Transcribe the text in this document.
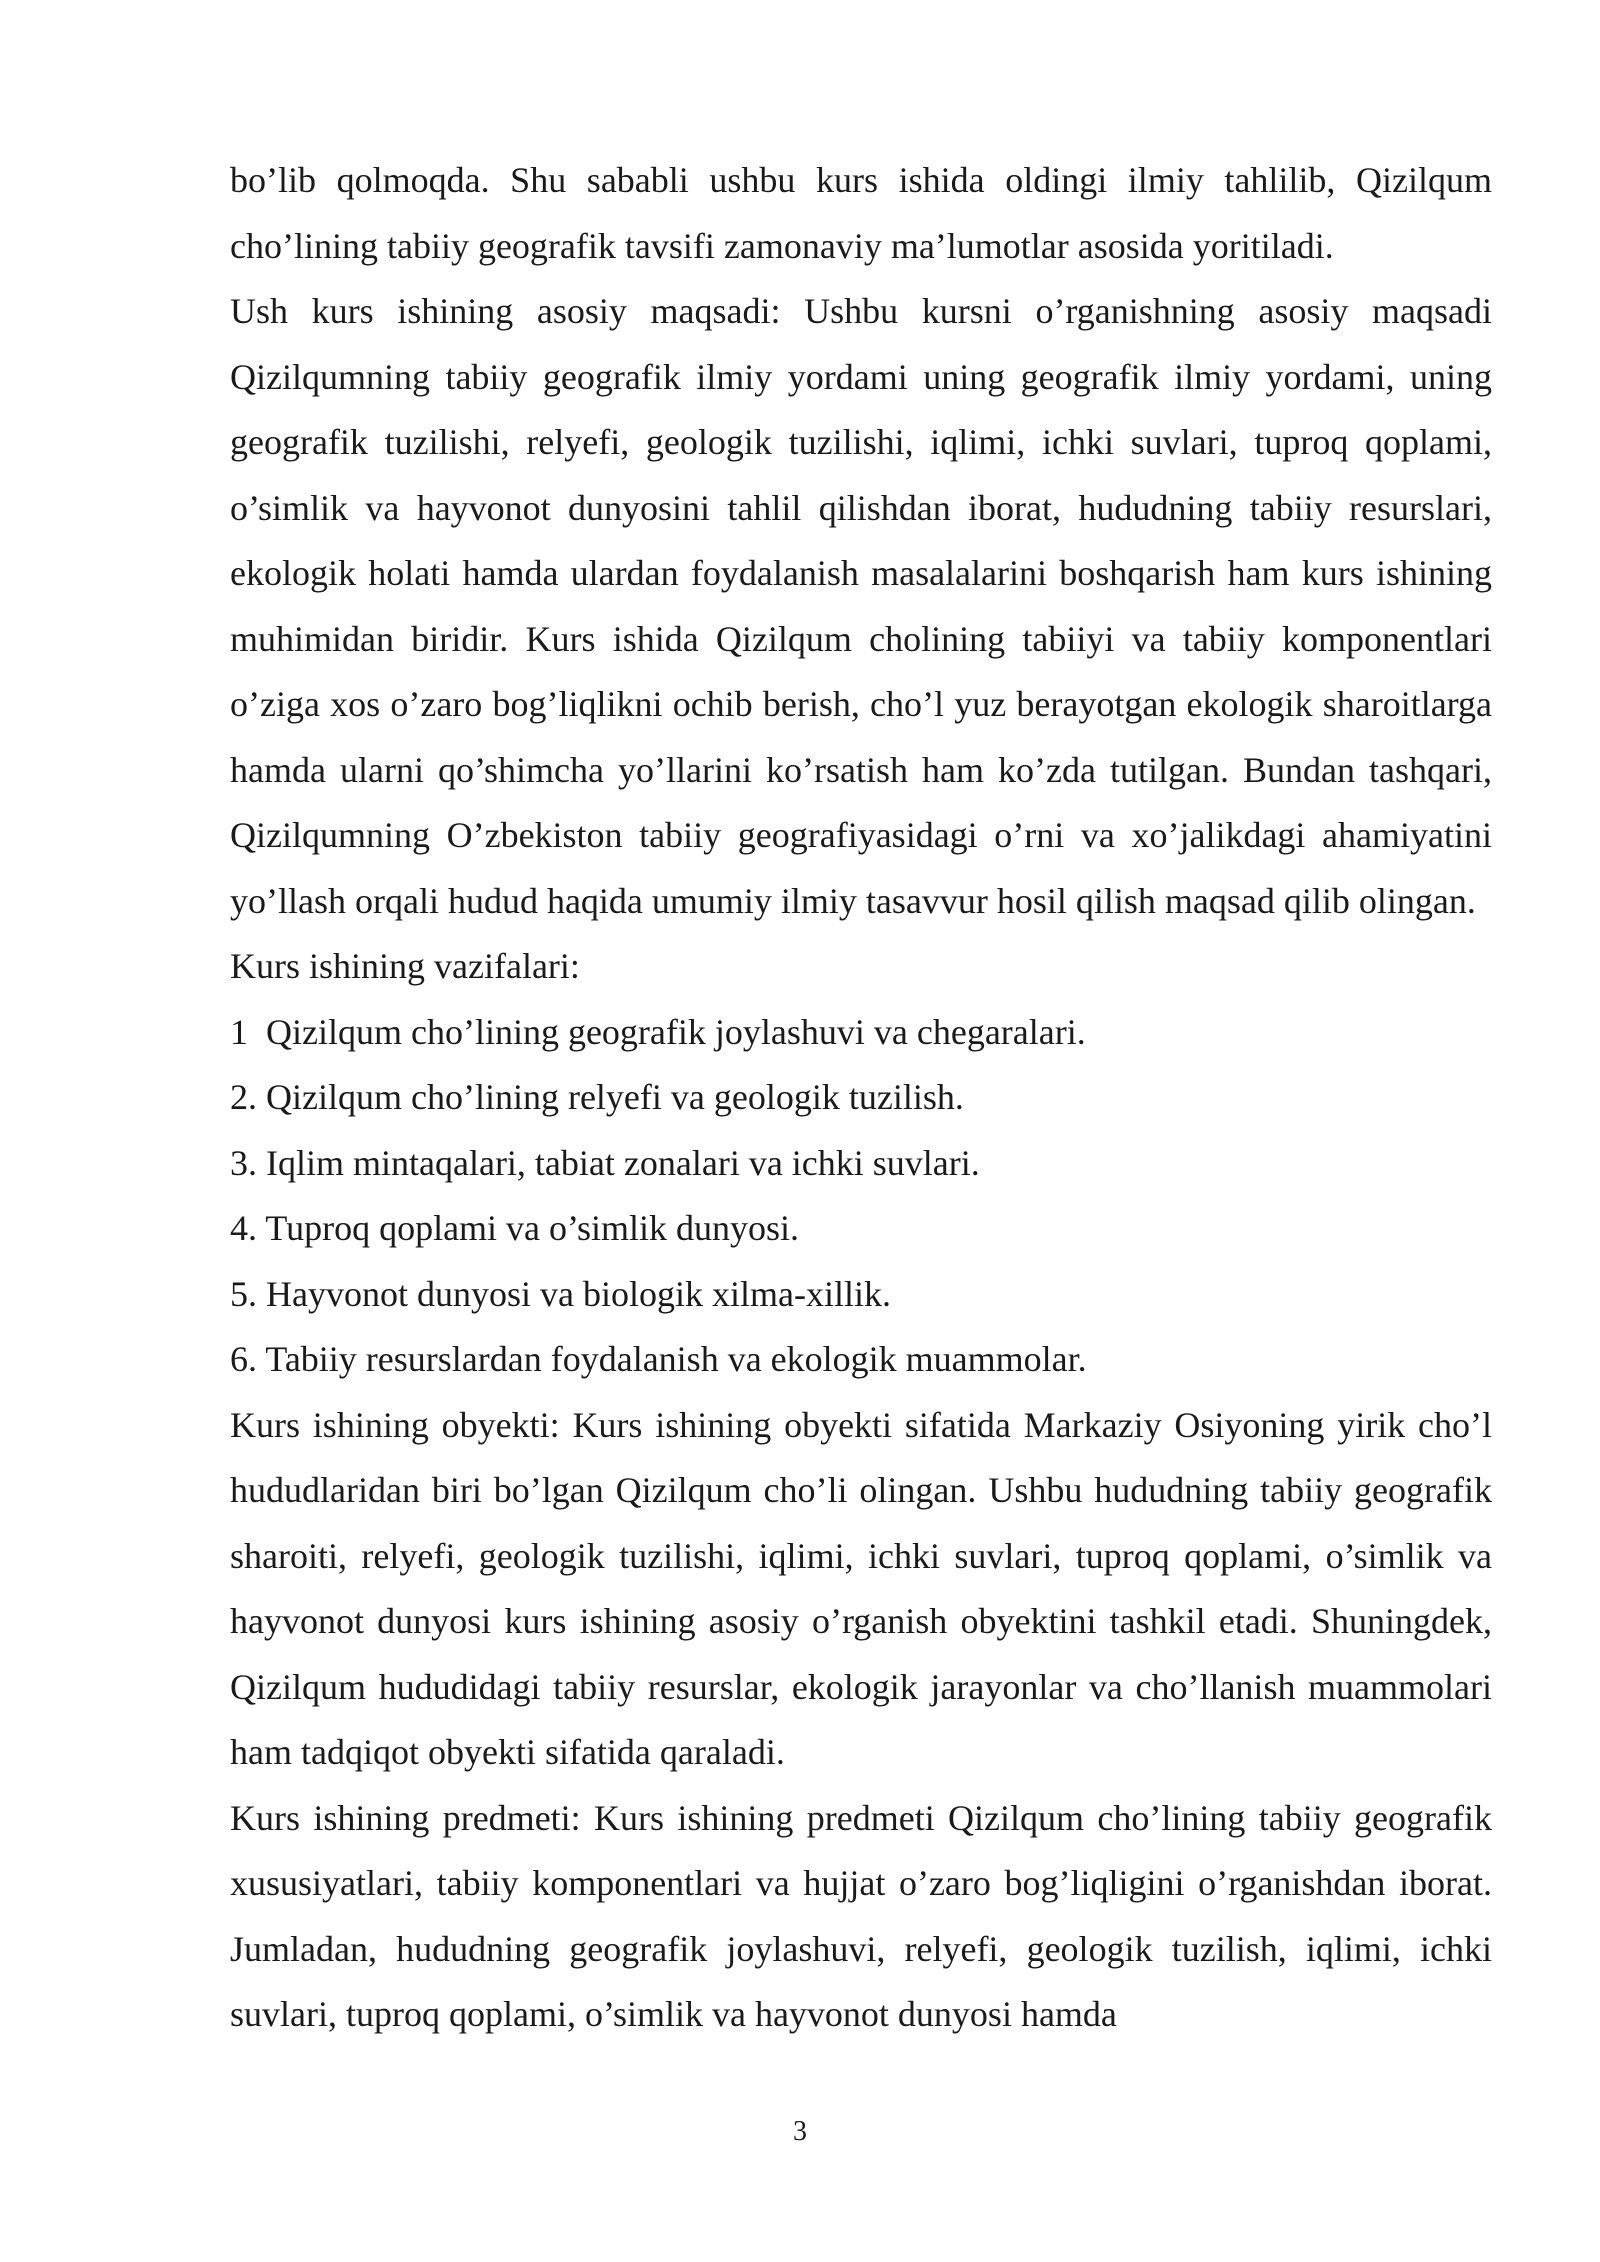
bo’lib qolmoqda. Shu sababli ushbu kurs ishida oldingi ilmiy tahlilib, Qizilqum cho’lining tabiiy geografik tavsifi zamonaviy ma’lumotlar asosida yoritiladi.

Ush kurs ishining asosiy maqsadi: Ushbu kursni o’rganishning asosiy maqsadi Qizilqumning tabiiy geografik ilmiy yordami uning geografik ilmiy yordami, uning geografik tuzilishi, relyefi, geologik tuzilishi, iqlimi, ichki suvlari, tuproq qoplami, o’simlik va hayvonot dunyosini tahlil qilishdan iborat, hududning tabiiy resurslari, ekologik holati hamda ulardan foydalanish masalalarini boshqarish ham kurs ishining muhimidan biridir. Kurs ishida Qizilqum cholining tabiiyi va tabiiy komponentlari o’ziga xos o’zaro bog’liqlikni ochib berish, cho’l yuz berayotgan ekologik sharoitlarga hamda ularni qo’shimcha yo’llarini ko’rsatish ham ko’zda tutilgan. Bundan tashqari, Qizilqumning O’zbekiston tabiiy geografiyasidagi o’rni va xo’jalikdagi ahamiyatini yo’llash orqali hudud haqida umumiy ilmiy tasavvur hosil qilish maqsad qilib olingan.

Kurs ishining vazifalari:

1  Qizilqum cho’lining geografik joylashuvi va chegaralari.

2. Qizilqum cho’lining relyefi va geologik tuzilish.

3. Iqlim mintaqalari, tabiat zonalari va ichki suvlari.

4. Tuproq qoplami va o’simlik dunyosi.

5. Hayvonot dunyosi va biologik xilma-xillik.

6. Tabiiy resurslardan foydalanish va ekologik muammolar.

Kurs ishining obyekti: Kurs ishining obyekti sifatida Markaziy Osiyoning yirik cho’l hududlaridan biri bo’lgan Qizilqum cho’li olingan. Ushbu hududning tabiiy geografik sharoiti, relyefi, geologik tuzilishi, iqlimi, ichki suvlari, tuproq qoplami, o’simlik va hayvonot dunyosi kurs ishining asosiy o’rganish obyektini tashkil etadi. Shuningdek, Qizilqum hududidagi tabiiy resurslar, ekologik jarayonlar va cho’llanish muammolari ham tadqiqot obyekti sifatida qaraladi.

Kurs ishining predmeti: Kurs ishining predmeti Qizilqum cho’lining tabiiy geografik xususiyatlari, tabiiy komponentlari va hujjat o’zaro bog’liqligini o’rganishdan iborat. Jumladan, hududning geografik joylashuvi, relyefi, geologik tuzilish, iqlimi, ichki suvlari, tuproq qoplami, o’simlik va hayvonot dunyosi hamda

3
